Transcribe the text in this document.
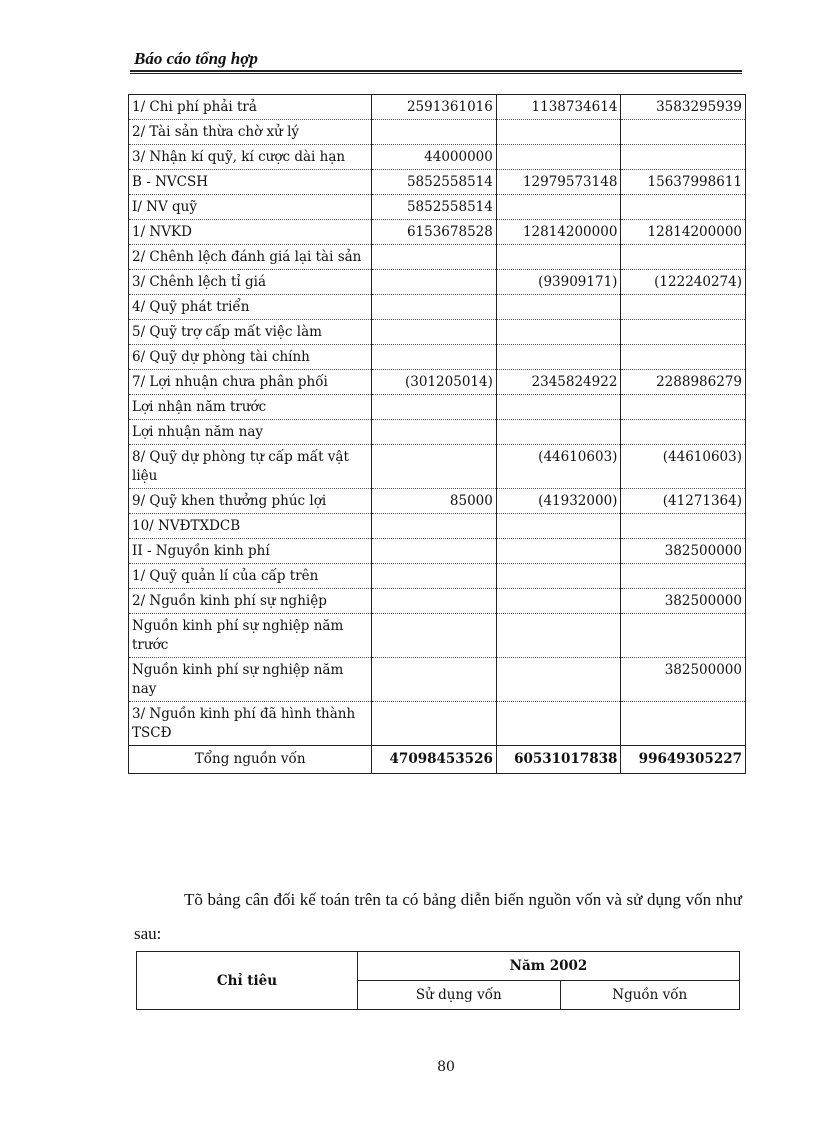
Báo cáo tổng hợp
1/ Chi phí phải trả	2591361016	1138734614	3583295939
2/ Tài sản thừa chờ xử lý			
3/ Nhận kí quỹ, kí cược dài hạn	44000000		
B - NVCSH	5852558514	12979573148	15637998611
I/ NV quỹ	5852558514		
1/ NVKD	6153678528	12814200000	12814200000
2/ Chênh lệch đánh giá lại tài sản			
3/ Chênh lệch tỉ giá		(93909171)	(122240274)
4/ Quỹ phát triển			
5/ Quỹ trợ cấp mất việc làm			
6/ Quỹ dự phòng tài chính			
7/ Lợi nhuận chưa phân phối	(301205014)	2345824922	2288986279
Lợi nhận năm trước			
Lợi nhuận năm nay			
8/ Quỹ dự phòng tự cấp mất vật liệu		(44610603)	(44610603)
9/ Quỹ khen thưởng phúc lợi	85000	(41932000)	(41271364)
10/ NVĐTXDCB			
II - Nguyồn kinh phí			382500000
1/ Quỹ quản lí của cấp trên			
2/ Nguồn kinh phí sự nghiệp			382500000
Nguồn kinh phí sự nghiệp năm trước			
Nguồn kinh phí sự nghiệp năm nay			382500000
3/ Nguồn kinh phí đã hình thành TSCĐ			
Tổng nguồn vốn	47098453526	60531017838	99649305227

Tõ bảng cân đối kế toán trên ta có bảng diễn biến nguồn vốn và sử dụng vốn như sau:

Chỉ tiêu	Năm 2002	
	Sử dụng vốn	Nguồn vốn
80
